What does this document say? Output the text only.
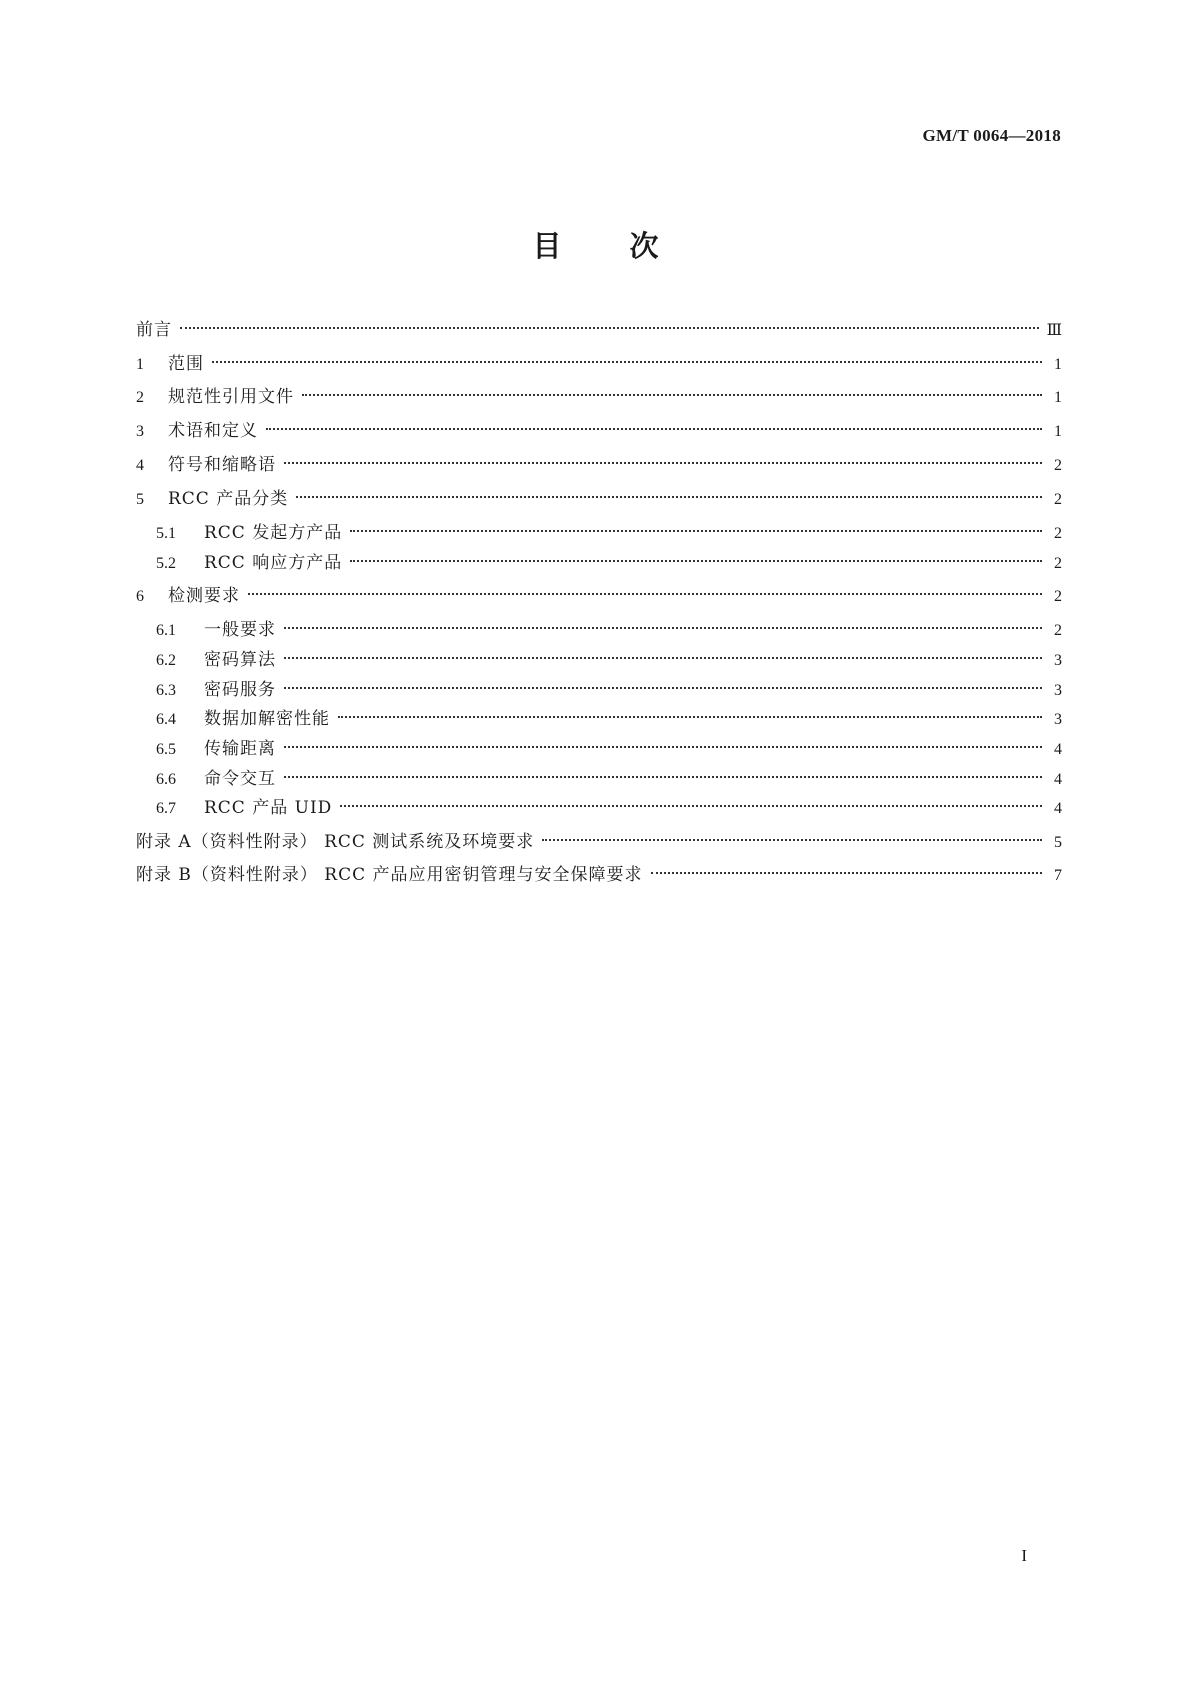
GM/T 0064—2018
目 次
前言	Ⅲ
1	范围	1
2	规范性引用文件	1
3	术语和定义	1
4	符号和缩略语	2
5	RCC 产品分类	2
5.1	RCC 发起方产品	2
5.2	RCC 响应方产品	2
6	检测要求	2
6.1	一般要求	2
6.2	密码算法	3
6.3	密码服务	3
6.4	数据加解密性能	3
6.5	传输距离	4
6.6	命令交互	4
6.7	RCC 产品 UID	4
附录 A（资料性附录） RCC 测试系统及环境要求	5
附录 B（资料性附录） RCC 产品应用密钥管理与安全保障要求	7
I
